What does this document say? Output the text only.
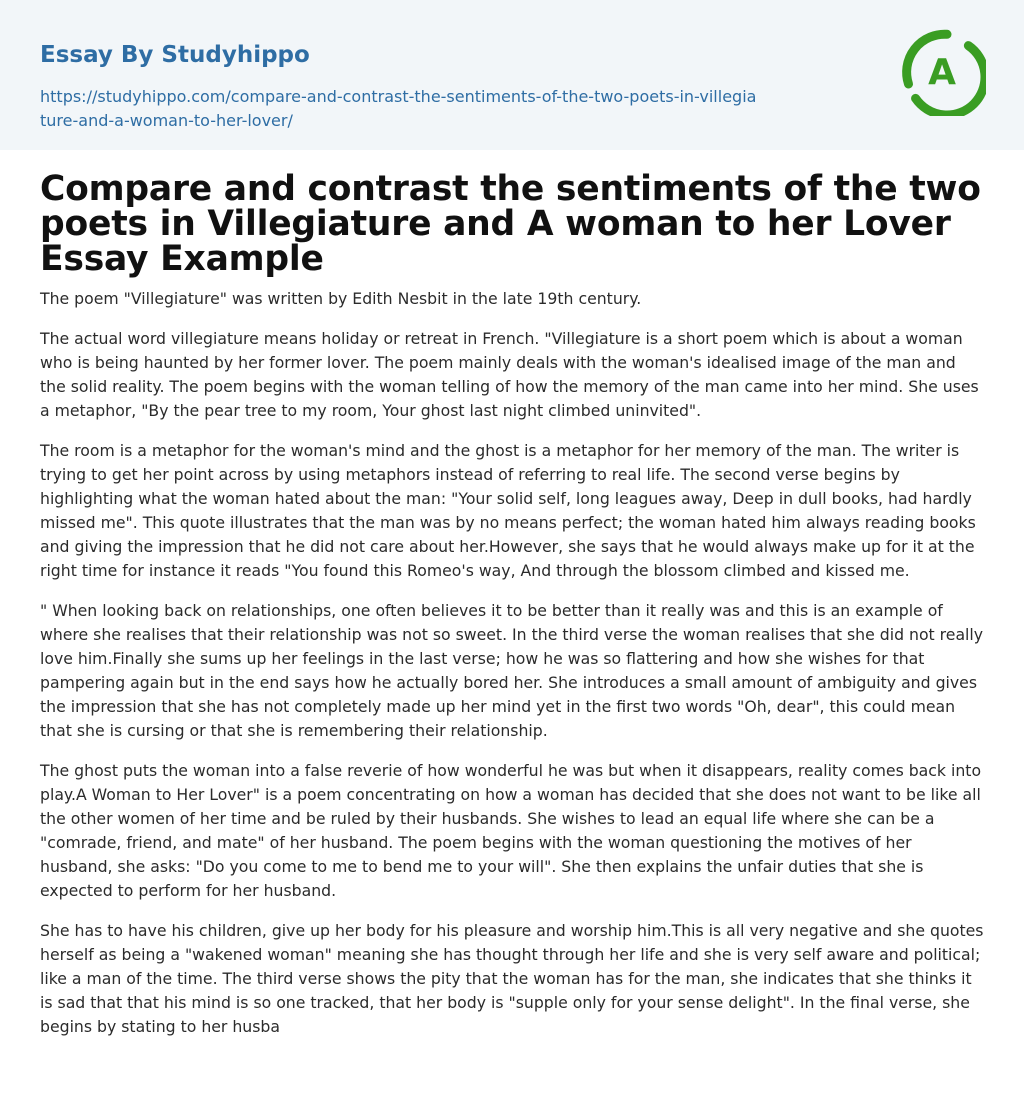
Essay By Studyhippo
https://studyhippo.com/compare-and-contrast-the-sentiments-of-the-two-poets-in-villegiature-and-a-woman-to-her-lover/
A
Compare and contrast the sentiments of the two poets in Villegiature and A woman to her Lover Essay Example

The poem "Villegiature" was written by Edith Nesbit in the late 19th century.

The actual word villegiature means holiday or retreat in French. "Villegiature is a short poem which is about a woman who is being haunted by her former lover. The poem mainly deals with the woman's idealised image of the man and the solid reality. The poem begins with the woman telling of how the memory of the man came into her mind. She uses a metaphor, "By the pear tree to my room, Your ghost last night climbed uninvited".

The room is a metaphor for the woman's mind and the ghost is a metaphor for her memory of the man. The writer is trying to get her point across by using metaphors instead of referring to real life. The second verse begins by highlighting what the woman hated about the man: "Your solid self, long leagues away, Deep in dull books, had hardly missed me". This quote illustrates that the man was by no means perfect; the woman hated him always reading books and giving the impression that he did not care about her.However, she says that he would always make up for it at the right time for instance it reads "You found this Romeo's way, And through the blossom climbed and kissed me.

" When looking back on relationships, one often believes it to be better than it really was and this is an example of where she realises that their relationship was not so sweet. In the third verse the woman realises that she did not really love him.Finally she sums up her feelings in the last verse; how he was so flattering and how she wishes for that pampering again but in the end says how he actually bored her. She introduces a small amount of ambiguity and gives the impression that she has not completely made up her mind yet in the first two words "Oh, dear", this could mean that she is cursing or that she is remembering their relationship.

The ghost puts the woman into a false reverie of how wonderful he was but when it disappears, reality comes back into play.A Woman to Her Lover" is a poem concentrating on how a woman has decided that she does not want to be like all the other women of her time and be ruled by their husbands. She wishes to lead an equal life where she can be a "comrade, friend, and mate" of her husband. The poem begins with the woman questioning the motives of her husband, she asks: "Do you come to me to bend me to your will". She then explains the unfair duties that she is expected to perform for her husband.

She has to have his children, give up her body for his pleasure and worship him.This is all very negative and she quotes herself as being a "wakened woman" meaning she has thought through her life and she is very self aware and political; like a man of the time. The third verse shows the pity that the woman has for the man, she indicates that she thinks it is sad that that his mind is so one tracked, that her body is "supple only for your sense delight". In the final verse, she begins by stating to her husba
